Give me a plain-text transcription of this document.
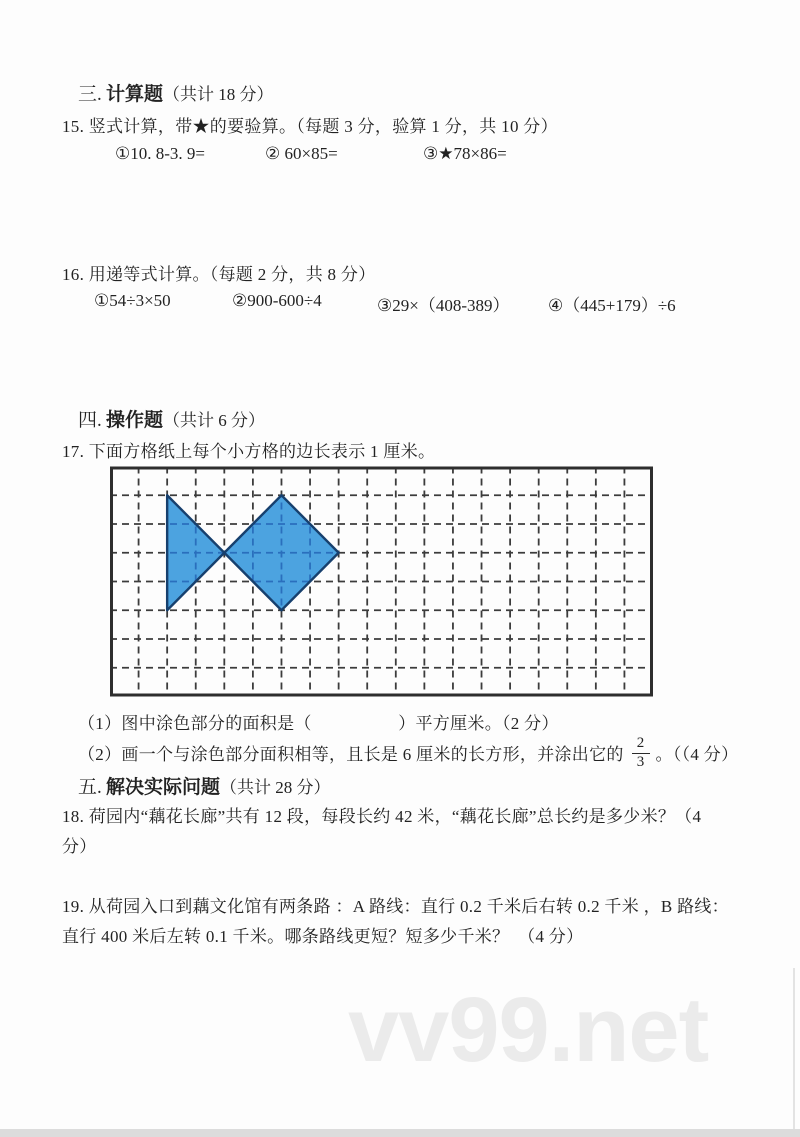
三. 计算题（共计 18 分）
15. 竖式计算，带★的要验算。（每题 3 分，验算 1 分，共 10 分）
①10. 8-3. 9=	② 60×85=	③★78×86=
16. 用递等式计算。（每题 2 分，共 8 分）
①54÷3×50	②900-600÷4	③29×（408-389） ④（445+179）÷6
四. 操作题（共计 6 分）
17. 下面方格纸上每个小方格的边长表示 1 厘米。
（1）图中涂色部分的面积是（　　　　　）平方厘米。（2 分）
（2）画一个与涂色部分面积相等，且长是 6 厘米的长方形，并涂出它的 $\frac{2}{3}$ 。（（4 分）
五. 解决实际问题（共计 28 分）
18. 荷园内“藕花长廊”共有 12 段，每段长约 42 米，“藕花长廊”总长约是多少米？（4
分）
19. 从荷园入口到藕文化馆有两条路 ：A 路线：直行 0.2 千米后右转 0.2 千米 ，B 路线：
直行 400 米后左转 0.1 千米。哪条路线更短？短多少千米？　（4 分）
vv99.net
